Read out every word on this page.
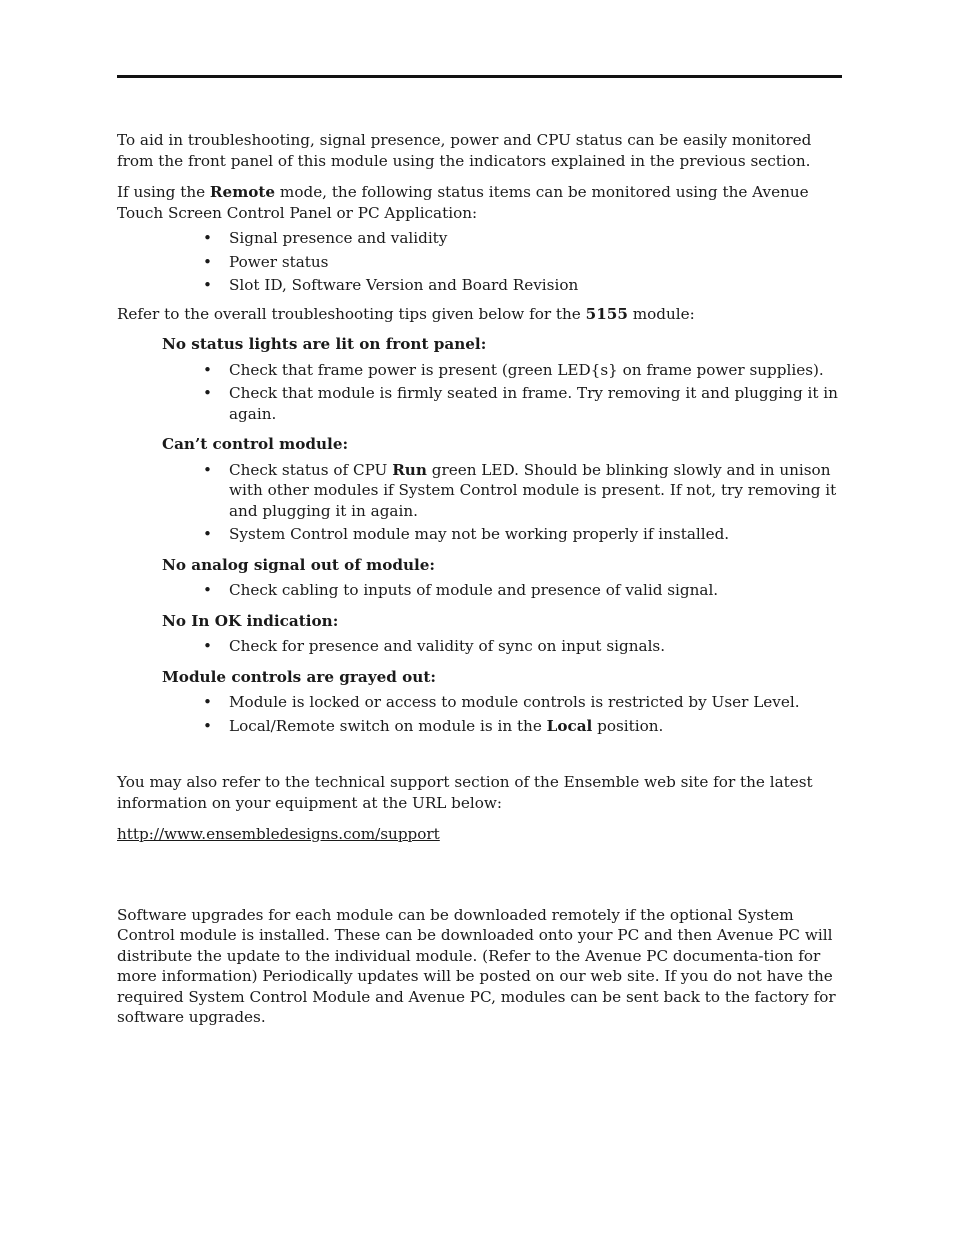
To aid in troubleshooting, signal presence, power and CPU status can be easily monitored from the front panel of this module using the indicators explained in the previous section.

If using the Remote mode, the following status items can be monitored using the Avenue Touch Screen Control Panel or PC Application:

• Signal presence and validity
• Power status
• Slot ID, Software Version and Board Revision

Refer to the overall troubleshooting tips given below for the 5155 module:

No status lights are lit on front panel:

• Check that frame power is present (green LED{s} on frame power supplies).
• Check that module is firmly seated in frame. Try removing it and plugging it in again.

Can’t control module:

• Check status of CPU Run green LED. Should be blinking slowly and in unison with other modules if System Control module is present. If not, try removing it and plugging it in again.
• System Control module may not be working properly if installed.

No analog signal out of module:

• Check cabling to inputs of module and presence of valid signal.

No In OK indication:

• Check for presence and validity of sync on input signals.

Module controls are grayed out:

• Module is locked or access to module controls is restricted by User Level.
• Local/Remote switch on module is in the Local position.

You may also refer to the technical support section of the Ensemble web site for the latest information on your equipment at the URL below:

http://www.ensembledesigns.com/support

Software upgrades for each module can be downloaded remotely if the optional System Control module is installed. These can be downloaded onto your PC and then Avenue PC will distribute the update to the individual module. (Refer to the Avenue PC documenta-tion for more information) Periodically updates will be posted on our web site. If you do not have the required System Control Module and Avenue PC, modules can be sent back to the factory for software upgrades.
